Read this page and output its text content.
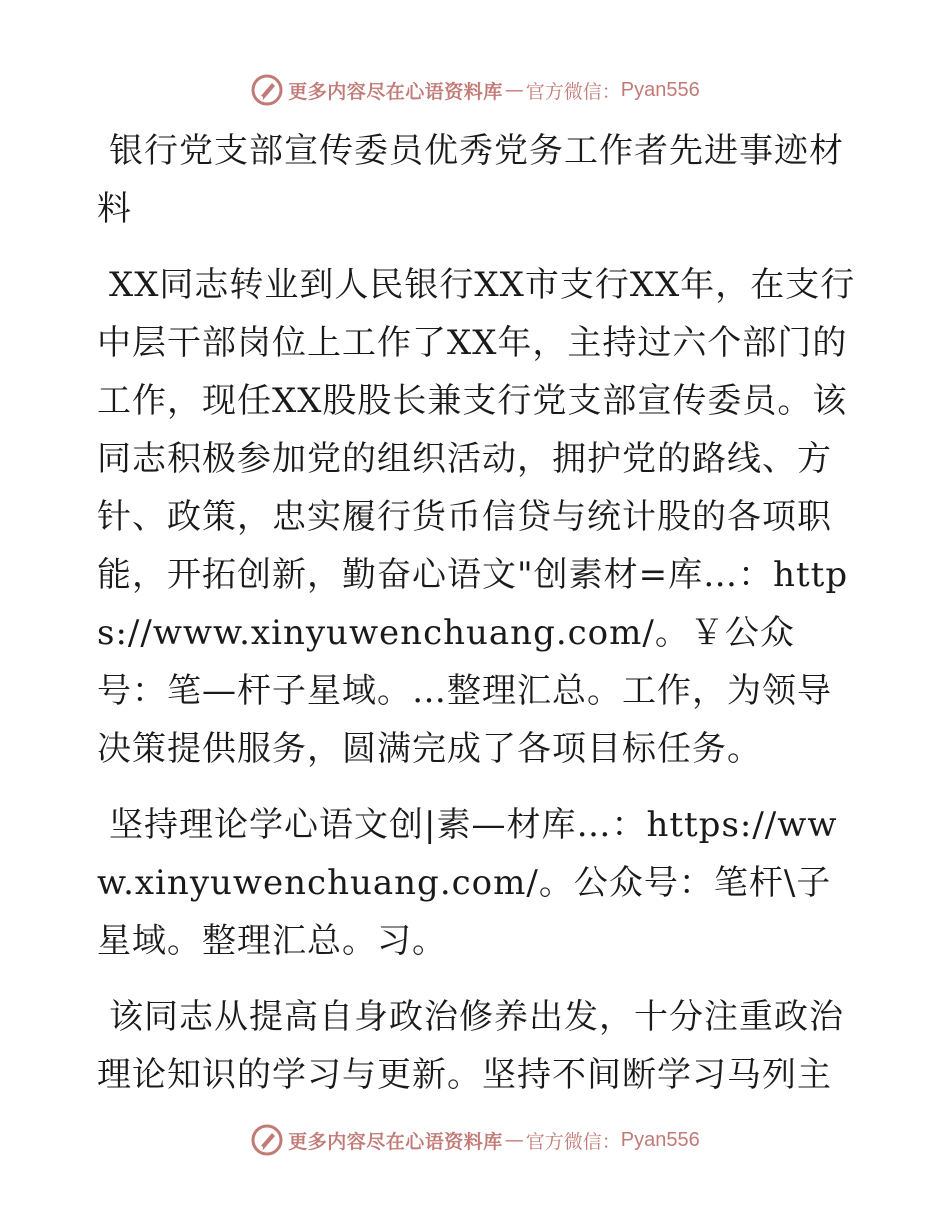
更多内容尽在心语资料库 — 官方微信： Pyan556

银行党支部宣传委员优秀党务工作者先进事迹材料

XX同志转业到人民银行XX市支行XX年，在支行中层干部岗位上工作了XX年，主持过六个部门的工作，现任XX股股长兼支行党支部宣传委员。该同志积极参加党的组织活动，拥护党的路线、方针、政策，忠实履行货币信贷与统计股的各项职能，开拓创新，勤奋心语文"创素材=库…：https://www.xinyuwenchuang.com/。￥公众号：笔—杆子星域。…整理汇总。工作，为领导决策提供服务，圆满完成了各项目标任务。

坚持理论学心语文创|素—材库…：https://www.xinyuwenchuang.com/。公众号：笔杆\子星域。整理汇总。习。

该同志从提高自身政治修养出发，十分注重政治理论知识的学习与更新。坚持不间断学习马列主

更多内容尽在心语资料库 — 官方微信： Pyan556
